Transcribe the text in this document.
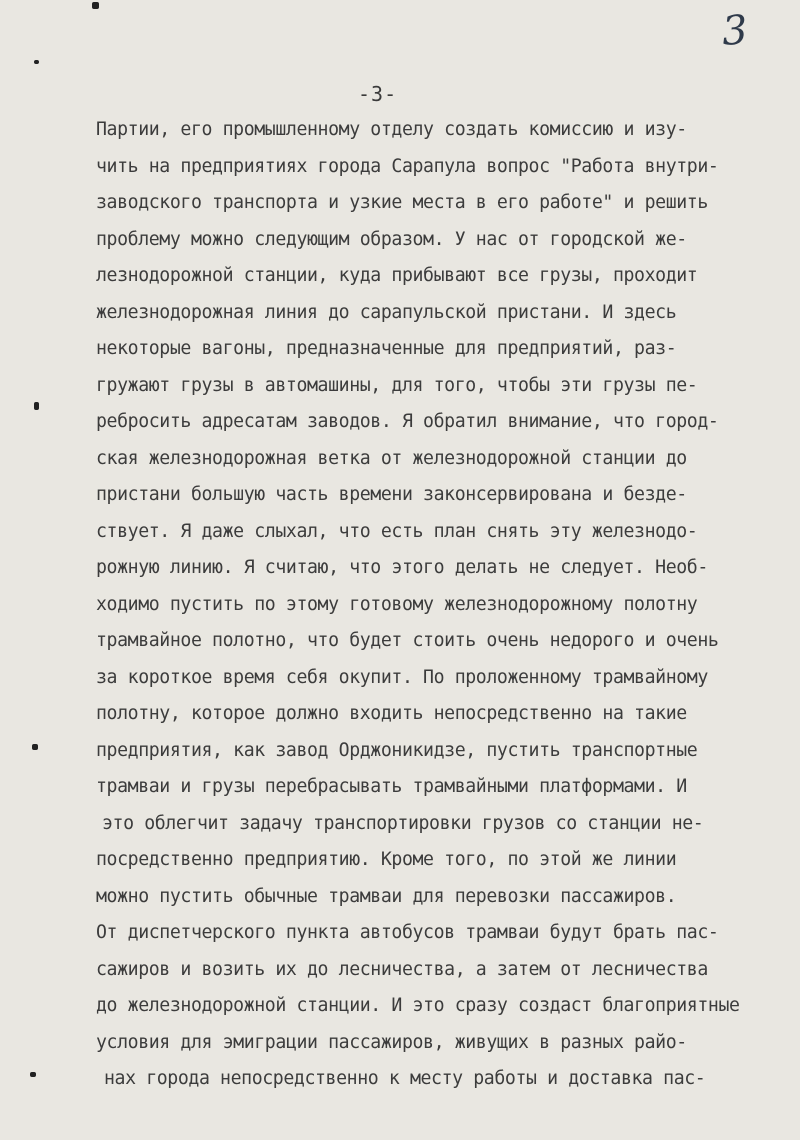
3
-3-
Партии, его промышленному отделу создать комиссию и изу-
чить на предприятиях города Сарапула вопрос "Работа внутри-
заводского транспорта и узкие места в его работе" и решить
проблему можно следующим образом. У нас от городской же-
лезнодорожной станции, куда прибывают все грузы, проходит
железнодорожная линия до сарапульской пристани. И здесь
некоторые вагоны, предназначенные для предприятий, раз-
гружают грузы в автомашины, для того, чтобы эти грузы пе-
ребросить адресатам заводов. Я обратил внимание, что город-
ская железнодорожная ветка от железнодорожной станции до
пристани большую часть времени законсервирована и безде-
ствует. Я даже слыхал, что есть план снять эту железнодо-
рожную линию. Я считаю, что этого делать не следует. Необ-
ходимо пустить по этому готовому железнодорожному полотну
трамвайное полотно, что будет стоить очень недорого и очень
за короткое время себя окупит. По проложенному трамвайному
полотну, которое должно входить непосредственно на такие
предприятия, как завод Орджоникидзе, пустить транспортные
трамваи и грузы перебрасывать трамвайными платформами. И
это облегчит задачу транспортировки грузов со станции не-
посредственно предприятию. Кроме того, по этой же линии
можно пустить обычные трамваи для перевозки пассажиров.
От диспетчерского пункта автобусов трамваи будут брать пас-
сажиров и возить их до лесничества, а затем от лесничества
до железнодорожной станции. И это сразу создаст благоприятные
условия для эмиграции пассажиров, живущих в разных райо-
нах города непосредственно к месту работы и доставка пас-
